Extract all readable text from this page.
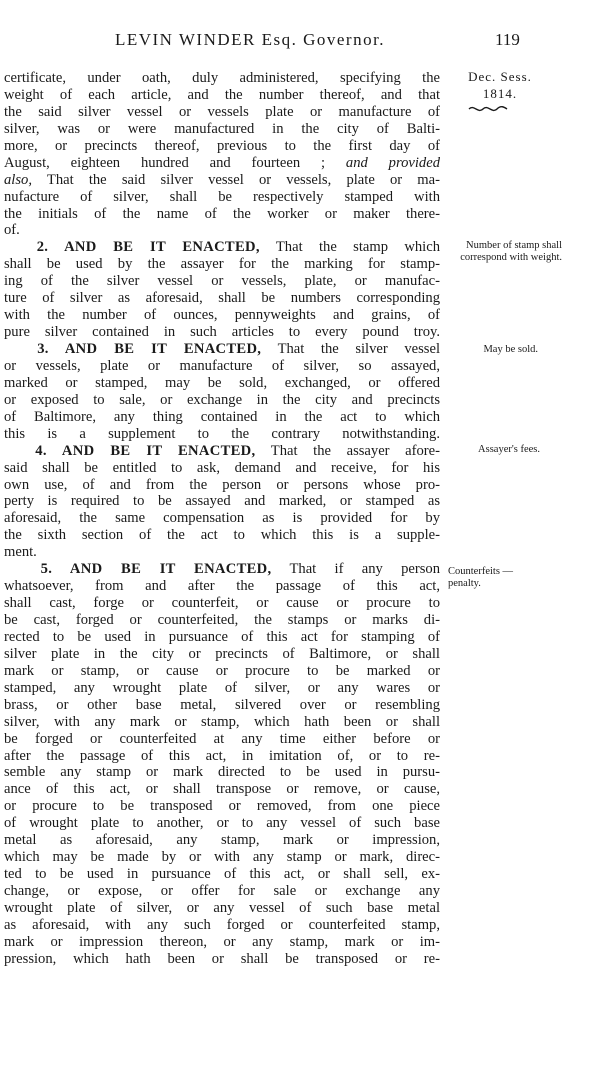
LEVIN WINDER Esq. Governor.	119
Dec. Sess.
1814.
certificate, under oath, duly administered, specifying the
weight of each article, and the number thereof, and that
the said silver vessel or vessels plate or manufacture of
silver, was or were manufactured in the city of Balti-
more, or precincts thereof, previous to the first day of
August, eighteen hundred and fourteen ; and provided
also, That the said silver vessel or vessels, plate or ma-
nufacture of silver, shall be respectively stamped with
the initials of the name of the worker or maker there-
of.
2. AND BE IT ENACTED, That the stamp which
shall be used by the assayer for the marking for stamp-
ing of the silver vessel or vessels, plate, or manufac-
ture of silver as aforesaid, shall be numbers corresponding
with the number of ounces, pennyweights and grains, of
pure silver contained in such articles to every pound troy.
3. AND BE IT ENACTED, That the silver vessel
or vessels, plate or manufacture of silver, so assayed,
marked or stamped, may be sold, exchanged, or offered
or exposed to sale, or exchange in the city and precincts
of Baltimore, any thing contained in the act to which
this is a supplement to the contrary notwithstanding.
4. AND BE IT ENACTED, That the assayer afore-
said shall be entitled to ask, demand and receive, for his
own use, of and from the person or persons whose pro-
perty is required to be assayed and marked, or stamped as
aforesaid, the same compensation as is provided for by
the sixth section of the act to which this is a supple-
ment.
5. AND BE IT ENACTED, That if any person
whatsoever, from and after the passage of this act,
shall cast, forge or counterfeit, or cause or procure to
be cast, forged or counterfeited, the stamps or marks di-
rected to be used in pursuance of this act for stamping of
silver plate in the city or precincts of Baltimore, or shall
mark or stamp, or cause or procure to be marked or
stamped, any wrought plate of silver, or any wares or
brass, or other base metal, silvered over or resembling
silver, with any mark or stamp, which hath been or shall
be forged or counterfeited at any time either before or
after the passage of this act, in imitation of, or to re-
semble any stamp or mark directed to be used in pursu-
ance of this act, or shall transpose or remove, or cause,
or procure to be transposed or removed, from one piece
of wrought plate to another, or to any vessel of such base
metal as aforesaid, any stamp, mark or impression,
which may be made by or with any stamp or mark, direc-
ted to be used in pursuance of this act, or shall sell, ex-
change, or expose, or offer for sale or exchange any
wrought plate of silver, or any vessel of such base metal
as aforesaid, with any such forged or counterfeited stamp,
mark or impression thereon, or any stamp, mark or im-
pression, which hath been or shall be transposed or re-
Number of stamp shall correspond with weight.
May be sold.
Assayer's fees.
Counterfeits — penalty.
